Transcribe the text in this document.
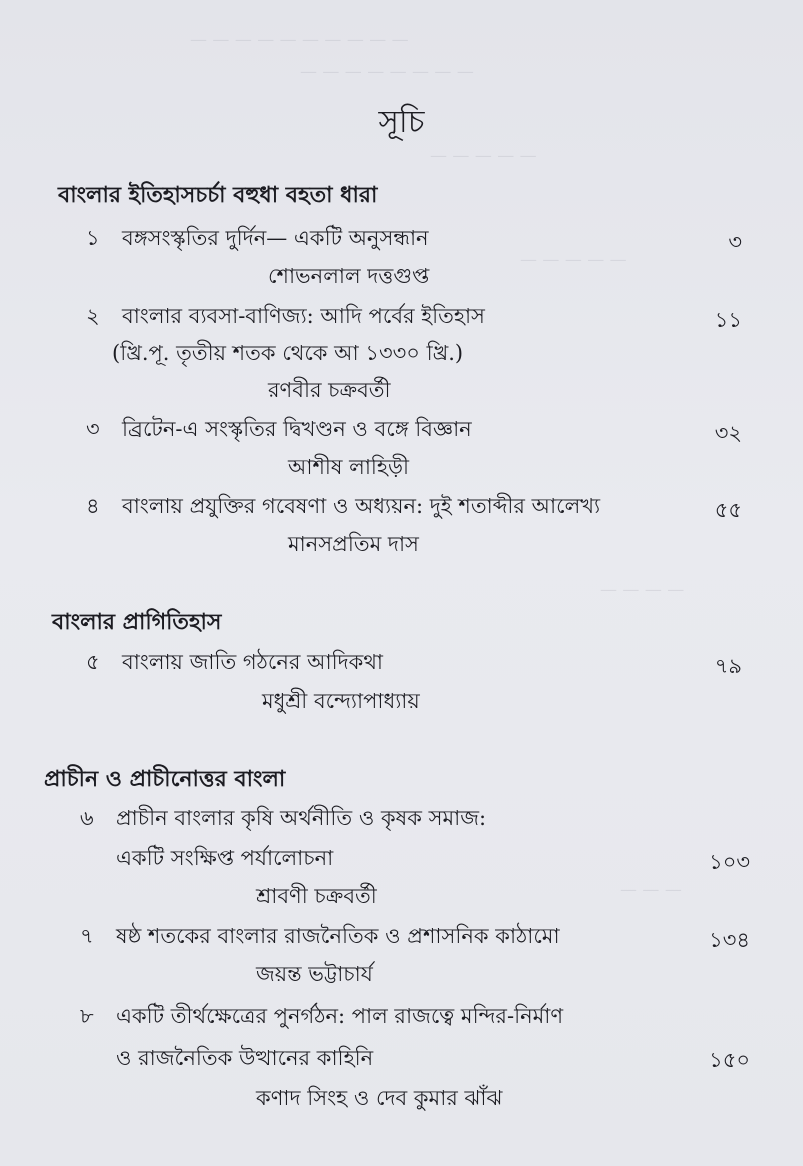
— — — — — — — — — —
— — — — — — — —
— — — — —
— — — — —
— — — —
— — —
সূচি
বাংলার ইতিহাসচর্চা বহুধা বহতা ধারা
১ বঙ্গসংস্কৃতির দুর্দিন— একটি অনুসন্ধান	৩
শোভনলাল দত্তগুপ্ত
২ বাংলার ব্যবসা-বাণিজ্য: আদি পর্বের ইতিহাস	১১
(খ্রি.পূ. তৃতীয় শতক থেকে আ ১৩৩০ খ্রি.)
রণবীর চক্রবর্তী
৩ ব্রিটেন-এ সংস্কৃতির দ্বিখণ্ডন ও বঙ্গে বিজ্ঞান	৩২
আশীষ লাহিড়ী
৪ বাংলায় প্রযুক্তির গবেষণা ও অধ্যয়ন: দুই শতাব্দীর আলেখ্য	৫৫
মানসপ্রতিম দাস
বাংলার প্রাগিতিহাস
৫ বাংলায় জাতি গঠনের আদিকথা	৭৯
মধুশ্রী বন্দ্যোপাধ্যায়
প্রাচীন ও প্রাচীনোত্তর বাংলা
৬ প্রাচীন বাংলার কৃষি অর্থনীতি ও কৃষক সমাজ:
একটি সংক্ষিপ্ত পর্যালোচনা	১০৩
শ্রাবণী চক্রবর্তী
৭ ষষ্ঠ শতকের বাংলার রাজনৈতিক ও প্রশাসনিক কাঠামো	১৩৪
জয়ন্ত ভট্টাচার্য
৮ একটি তীর্থক্ষেত্রের পুনর্গঠন: পাল রাজত্বে মন্দির-নির্মাণ
ও রাজনৈতিক উত্থানের কাহিনি	১৫০
কণাদ সিংহ ও দেব কুমার ঝাঁঝ
